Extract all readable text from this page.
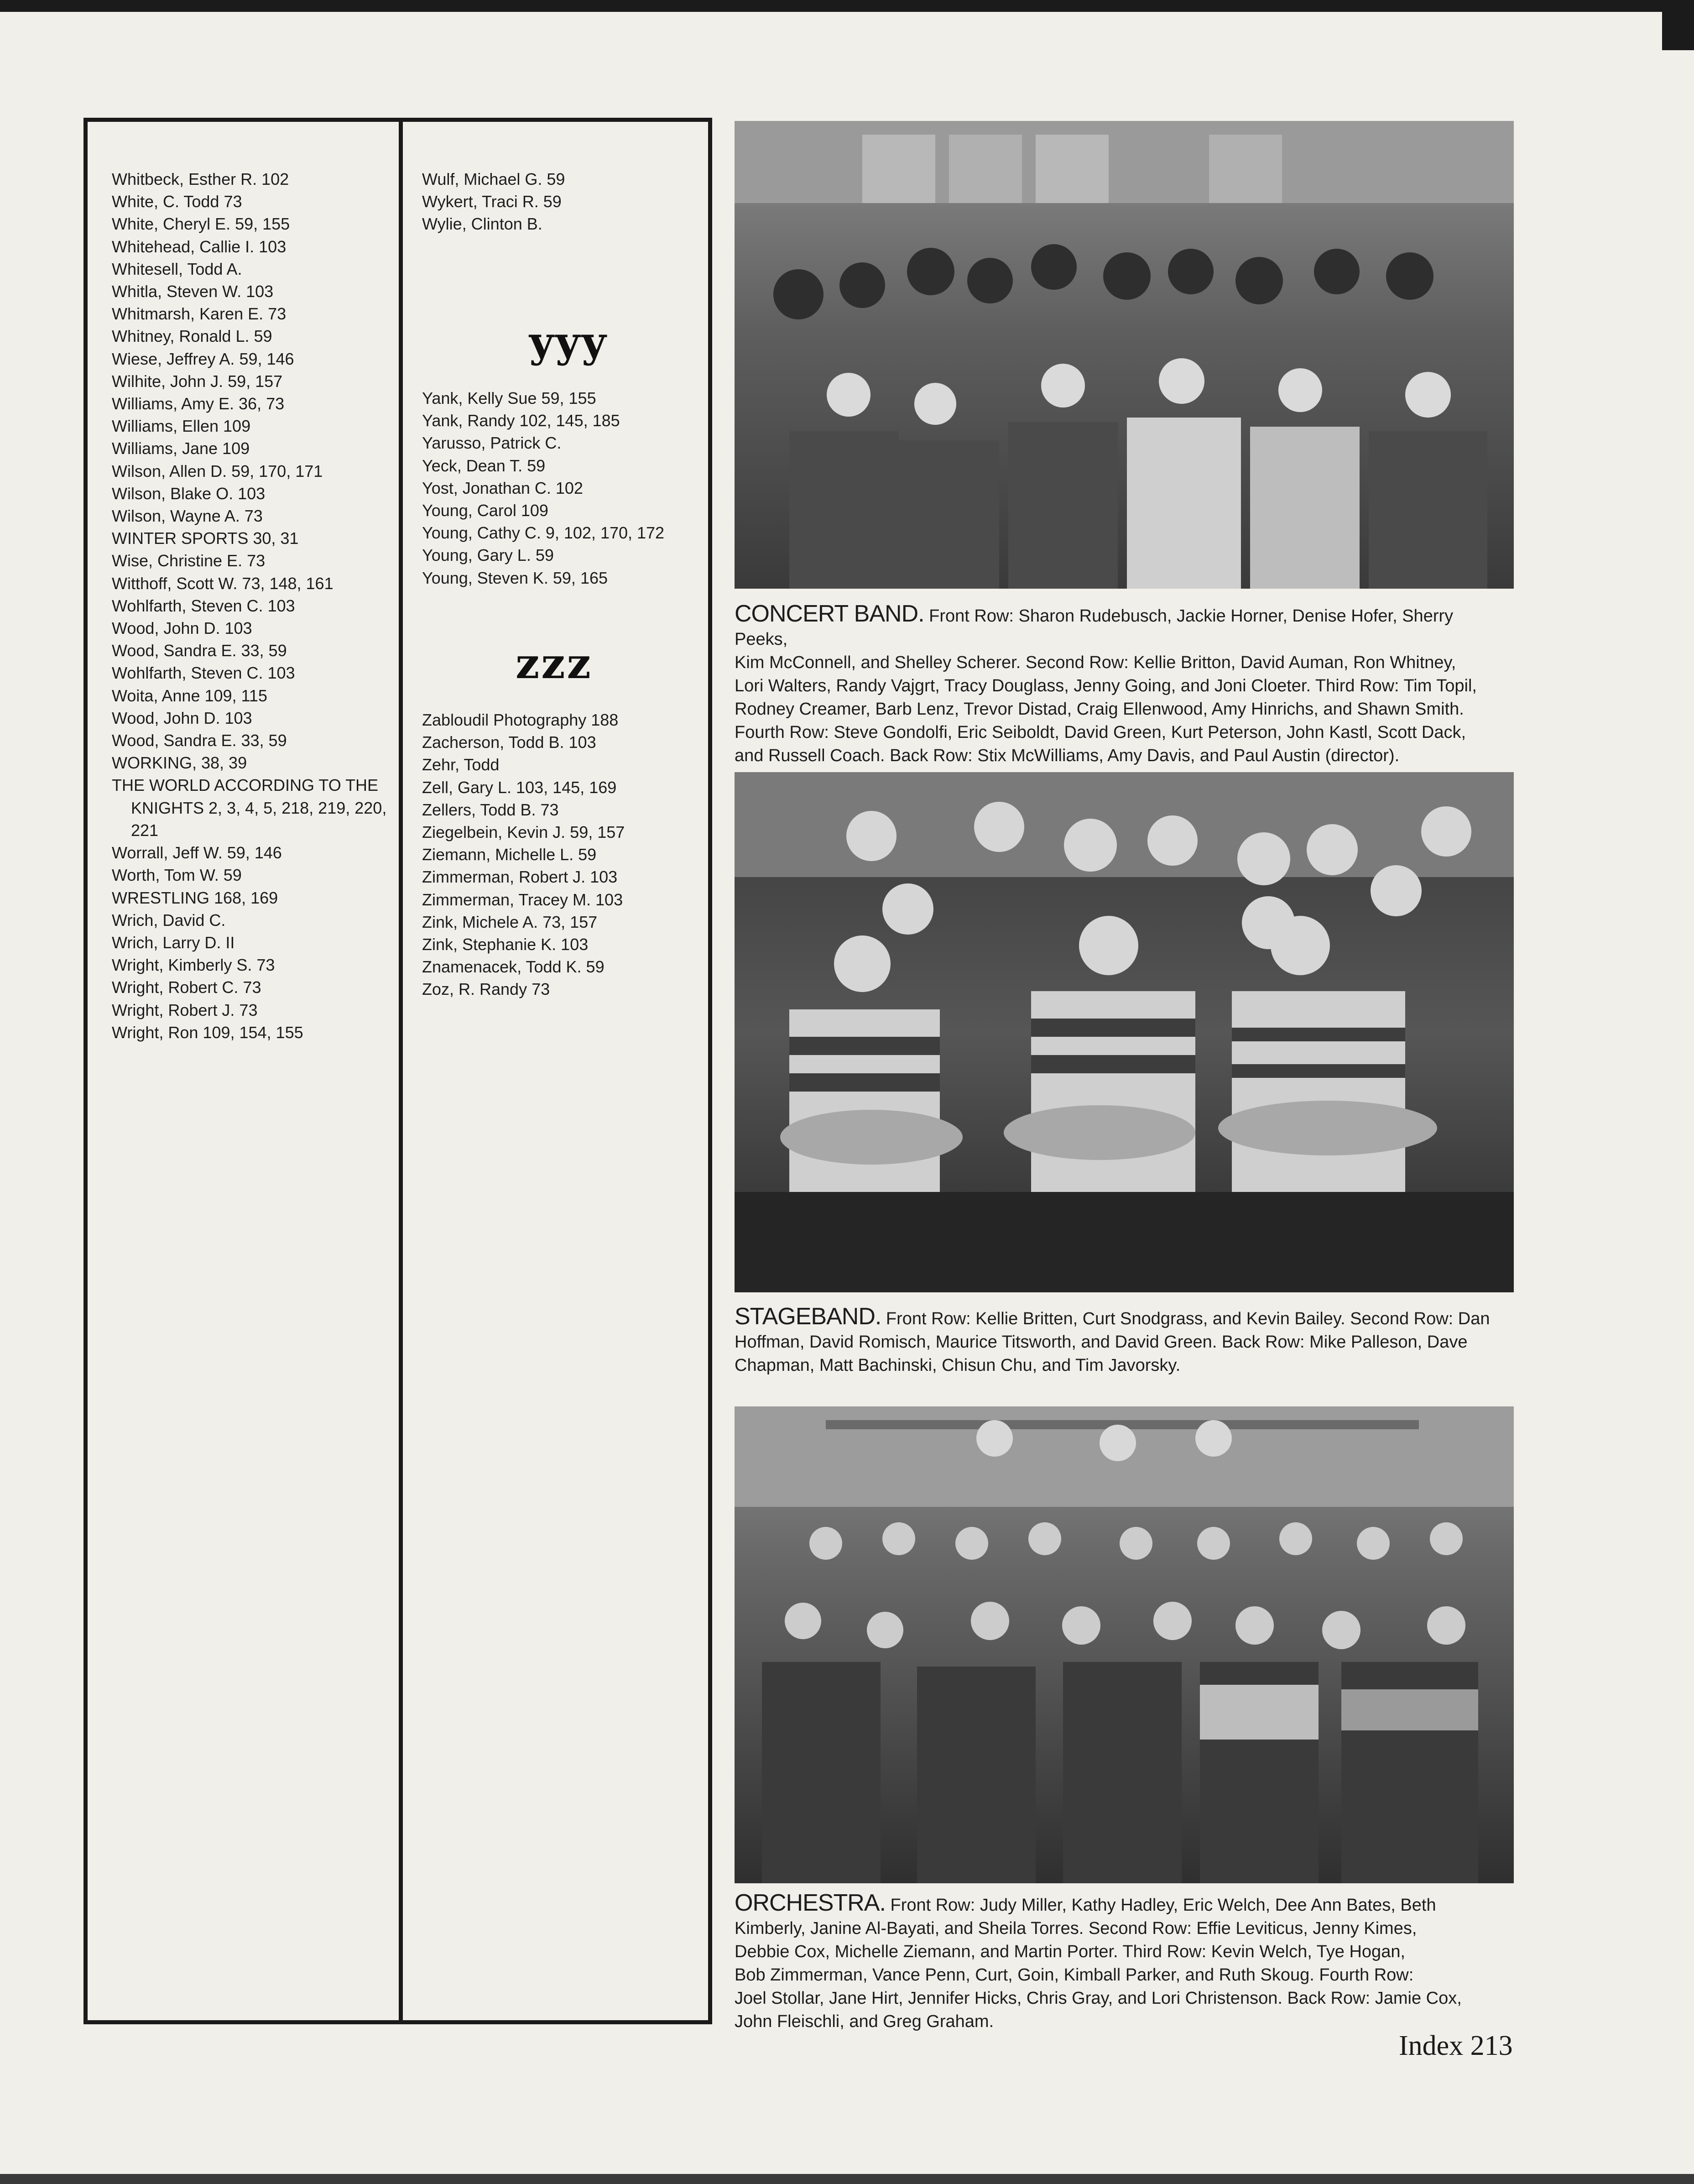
Whitbeck, Esther R. 102
White, C. Todd 73
White, Cheryl E. 59, 155
Whitehead, Callie I. 103
Whitesell, Todd A.
Whitla, Steven W. 103
Whitmarsh, Karen E. 73
Whitney, Ronald L. 59
Wiese, Jeffrey A. 59, 146
Wilhite, John J. 59, 157
Williams, Amy E. 36, 73
Williams, Ellen 109
Williams, Jane 109
Wilson, Allen D. 59, 170, 171
Wilson, Blake O. 103
Wilson, Wayne A. 73
WINTER SPORTS 30, 31
Wise, Christine E. 73
Witthoff, Scott W. 73, 148, 161
Wohlfarth, Steven C. 103
Wood, John D. 103
Wood, Sandra E. 33, 59
Wohlfarth, Steven C. 103
Woita, Anne 109, 115
Wood, John D. 103
Wood, Sandra E. 33, 59
WORKING, 38, 39
THE WORLD ACCORDING TO THE
KNIGHTS 2, 3, 4, 5, 218, 219, 220,
221
Worrall, Jeff W. 59, 146
Worth, Tom W. 59
WRESTLING 168, 169
Wrich, David C.
Wrich, Larry D. II
Wright, Kimberly S. 73
Wright, Robert C. 73
Wright, Robert J. 73
Wright, Ron 109, 154, 155
Wulf, Michael G. 59
Wykert, Traci R. 59
Wylie, Clinton B.
yyy
Yank, Kelly Sue 59, 155
Yank, Randy 102, 145, 185
Yarusso, Patrick C.
Yeck, Dean T. 59
Yost, Jonathan C. 102
Young, Carol 109
Young, Cathy C. 9, 102, 170, 172
Young, Gary L. 59
Young, Steven K. 59, 165
zzz
Zabloudil Photography 188
Zacherson, Todd B. 103
Zehr, Todd
Zell, Gary L. 103, 145, 169
Zellers, Todd B. 73
Ziegelbein, Kevin J. 59, 157
Ziemann, Michelle L. 59
Zimmerman, Robert J. 103
Zimmerman, Tracey M. 103
Zink, Michele A. 73, 157
Zink, Stephanie K. 103
Znamenacek, Todd K. 59
Zoz, R. Randy 73
CONCERT BAND. Front Row: Sharon Rudebusch, Jackie Horner, Denise Hofer, Sherry Peeks,
Kim McConnell, and Shelley Scherer. Second Row: Kellie Britton, David Auman, Ron Whitney,
Lori Walters, Randy Vajgrt, Tracy Douglass, Jenny Going, and Joni Cloeter. Third Row: Tim Topil,
Rodney Creamer, Barb Lenz, Trevor Distad, Craig Ellenwood, Amy Hinrichs, and Shawn Smith.
Fourth Row: Steve Gondolfi, Eric Seiboldt, David Green, Kurt Peterson, John Kastl, Scott Dack,
and Russell Coach. Back Row: Stix McWilliams, Amy Davis, and Paul Austin (director).
STAGEBAND. Front Row: Kellie Britten, Curt Snodgrass, and Kevin Bailey. Second Row: Dan
Hoffman, David Romisch, Maurice Titsworth, and David Green. Back Row: Mike Palleson, Dave
Chapman, Matt Bachinski, Chisun Chu, and Tim Javorsky.
ORCHESTRA. Front Row: Judy Miller, Kathy Hadley, Eric Welch, Dee Ann Bates, Beth
Kimberly, Janine Al-Bayati, and Sheila Torres. Second Row: Effie Leviticus, Jenny Kimes,
Debbie Cox, Michelle Ziemann, and Martin Porter. Third Row: Kevin Welch, Tye Hogan,
Bob Zimmerman, Vance Penn, Curt, Goin, Kimball Parker, and Ruth Skoug. Fourth Row:
Joel Stollar, Jane Hirt, Jennifer Hicks, Chris Gray, and Lori Christenson. Back Row: Jamie Cox,
John Fleischli, and Greg Graham.
Index 213
